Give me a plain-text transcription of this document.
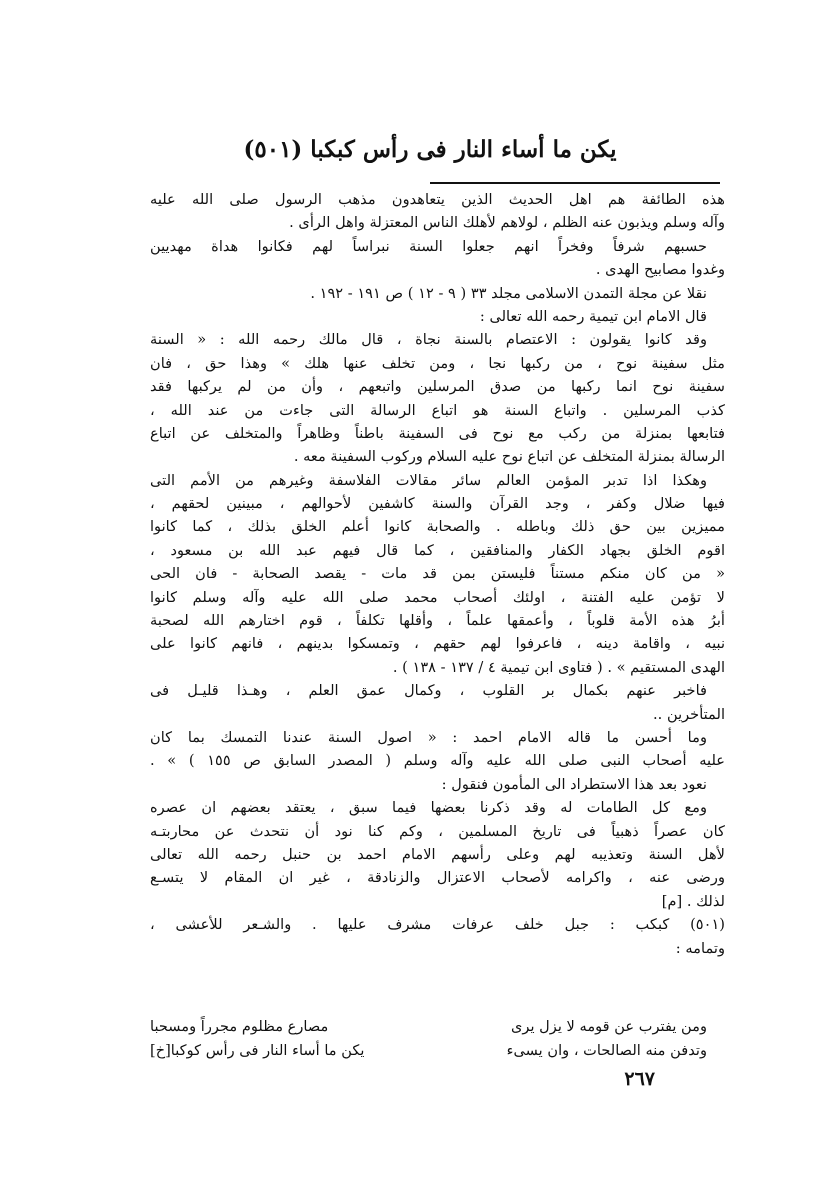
يكن ما أساء النار فى رأس كبكبا (٥٠١)
هذه الطائفة هم اهل الحديث الذين يتعاهدون مذهب الرسول صلى الله عليه
وآله وسلم ويذبون عنه الظلم ، لولاهم لأهلك الناس المعتزلة واهل الرأى .
حسبهم شرفاً وفخراً انهم جعلوا السنة نبراساً لهم فكانوا هداة مهديين
وغدوا مصابيح الهدى .
نقلا عن مجلة التمدن الاسلامى مجلد ٣٣ ( ٩ - ١٢ ) ص ١٩١ - ١٩٢ .
قال الامام ابن تيمية رحمه الله تعالى :
وقد كانوا يقولون : الاعتصام بالسنة نجاة ، قال مالك رحمه الله : « السنة
مثل سفينة نوح ، من ركبها نجا ، ومن تخلف عنها هلك » وهذا حق ، فان
سفينة نوح انما ركبها من صدق المرسلين واتبعهم ، وأن من لم يركبها فقد
كذب المرسلين . واتباع السنة هو اتباع الرسالة التى جاءت من عند الله ،
فتابعها بمنزلة من ركب مع نوح فى السفينة باطناً وظاهراً والمتخلف عن اتباع
الرسالة بمنزلة المتخلف عن اتباع نوح عليه السلام وركوب السفينة معه .
وهكذا اذا تدبر المؤمن العالم سائر مقالات الفلاسفة وغيرهم من الأمم التى
فيها ضلال وكفر ، وجد القرآن والسنة كاشفين لأحوالهم ، مبينين لحقهم ،
مميزين بين حق ذلك وباطله . والصحابة كانوا أعلم الخلق بذلك ، كما كانوا
اقوم الخلق بجهاد الكفار والمنافقين ، كما قال فيهم عبد الله بن مسعود ،
« من كان منكم مستناً فليستن بمن قد مات - يقصد الصحابة - فان الحى
لا تؤمن عليه الفتنة ، اولئك أصحاب محمد صلى الله عليه وآله وسلم كانوا
أبرُ هذه الأمة قلوباً ، وأعمقها علماً ، وأقلها تكلفاً ، قوم اختارهم الله لصحبة
نبيه ، واقامة دينه ، فاعرفوا لهم حقهم ، وتمسكوا بدينهم ، فانهم كانوا على
الهدى المستقيم » . ( فتاوى ابن تيمية ٤ / ١٣٧ - ١٣٨ ) .
فاخبر عنهم بكمال بر القلوب ، وكمال عمق العلم ، وهـذا قليـل فى
المتأخرين ..
وما أحسن ما قاله الامام احمد : « اصول السنة عندنا التمسك بما كان
عليه أصحاب النبى صلى الله عليه وآله وسلم ( المصدر السابق ص ١٥٥ ) » .
نعود بعد هذا الاستطراد الى المأمون فنقول :
ومع كل الطامات له وقد ذكرنا بعضها فيما سبق ، يعتقد بعضهم ان عصره
كان عصراً ذهبياً فى تاريخ المسلمين ، وكم كنا نود أن نتحدث عن محاربتـه
لأهل السنة وتعذيبه لهم وعلى رأسهم الامام احمد بن حنبل رحمه الله تعالى
ورضى عنه ، واكرامه لأصحاب الاعتزال والزنادقة ، غير ان المقام لا يتسـع
لذلك . [م]
(٥٠١) كبكب : جبل خلف عرفات مشرف عليها . والشـعر للأعشى ،
وتمامه :
ومن يفترب عن قومه لا يزل يرى
مصارع مظلوم مجرراً ومسحبا
وتدفن منه الصالحات ، وان يسىء
يكن ما أساء النار فى رأس كوكبا[خ]
٢٦٧
